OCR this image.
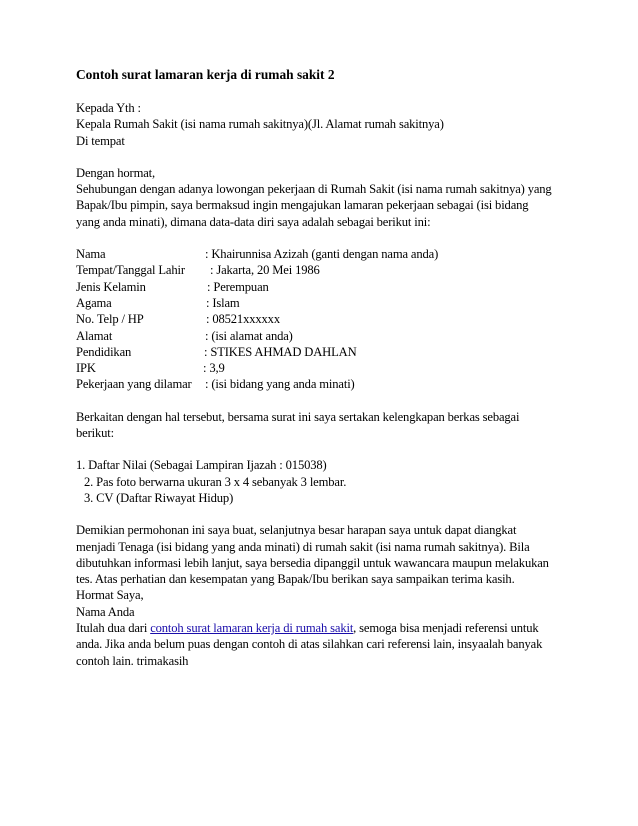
Contoh surat lamaran kerja di rumah sakit 2

Kepada Yth :
Kepala Rumah Sakit (isi nama rumah sakitnya)(Jl. Alamat rumah sakitnya)
Di tempat
Dengan hormat,
Sehubungan dengan adanya lowongan pekerjaan di Rumah Sakit (isi nama rumah sakitnya) yang
Bapak/Ibu pimpin, saya bermaksud ingin mengajukan lamaran pekerjaan sebagai (isi bidang
yang anda minati), dimana data-data diri saya adalah sebagai berikut ini:
Nama	: Khairunnisa Azizah (ganti dengan nama anda)
Tempat/Tanggal Lahir : Jakarta, 20 Mei 1986
Jenis Kelamin	: Perempuan
Agama	: Islam
No. Telp / HP	: 08521xxxxxx
Alamat	: (isi alamat anda)
Pendidikan	: STIKES AHMAD DAHLAN
IPK	: 3,9
Pekerjaan yang dilamar : (isi bidang yang anda minati)
Berkaitan dengan hal tersebut, bersama surat ini saya sertakan kelengkapan berkas sebagai
berikut:
1. Daftar Nilai (Sebagai Lampiran Ijazah : 015038)
2. Pas foto berwarna ukuran 3 x 4 sebanyak 3 lembar.
3. CV (Daftar Riwayat Hidup)
Demikian permohonan ini saya buat, selanjutnya besar harapan saya untuk dapat diangkat
menjadi Tenaga (isi bidang yang anda minati) di rumah sakit (isi nama rumah sakitnya). Bila
dibutuhkan informasi lebih lanjut, saya bersedia dipanggil untuk wawancara maupun melakukan
tes. Atas perhatian dan kesempatan yang Bapak/Ibu berikan saya sampaikan terima kasih.
Hormat Saya,
Nama Anda
Itulah dua dari contoh surat lamaran kerja di rumah sakit, semoga bisa menjadi referensi untuk
anda. Jika anda belum puas dengan contoh di atas silahkan cari referensi lain, insyaalah banyak
contoh lain. trimakasih
